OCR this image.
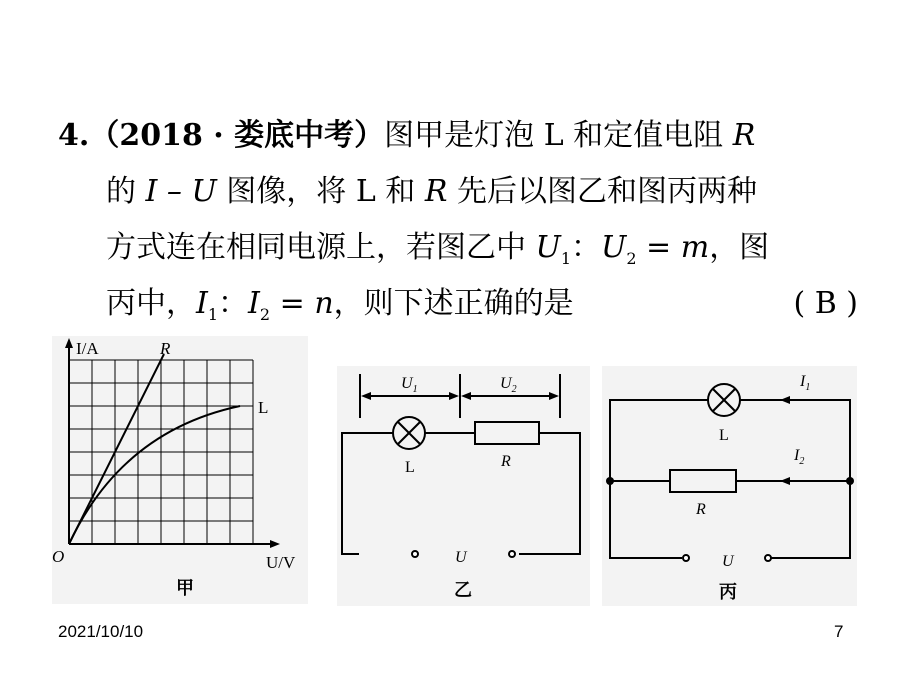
4.（2018 · 娄底中考）图甲是灯泡 L 和定值电阻 R
的 I – U 图像，将 L 和 R 先后以图乙和图丙两种
方式连在相同电源上，若图乙中 $U_1$：$U_2 = m$，图
丙中，$I_1$：$I_2 = n$，则下述正确的是	( B )
I/A	R
L
O	U/V
甲
$U_1$	$U_2$
L	R
U
乙
$I_1$
$I_2$
L
R
U
丙
2021/10/10	7
